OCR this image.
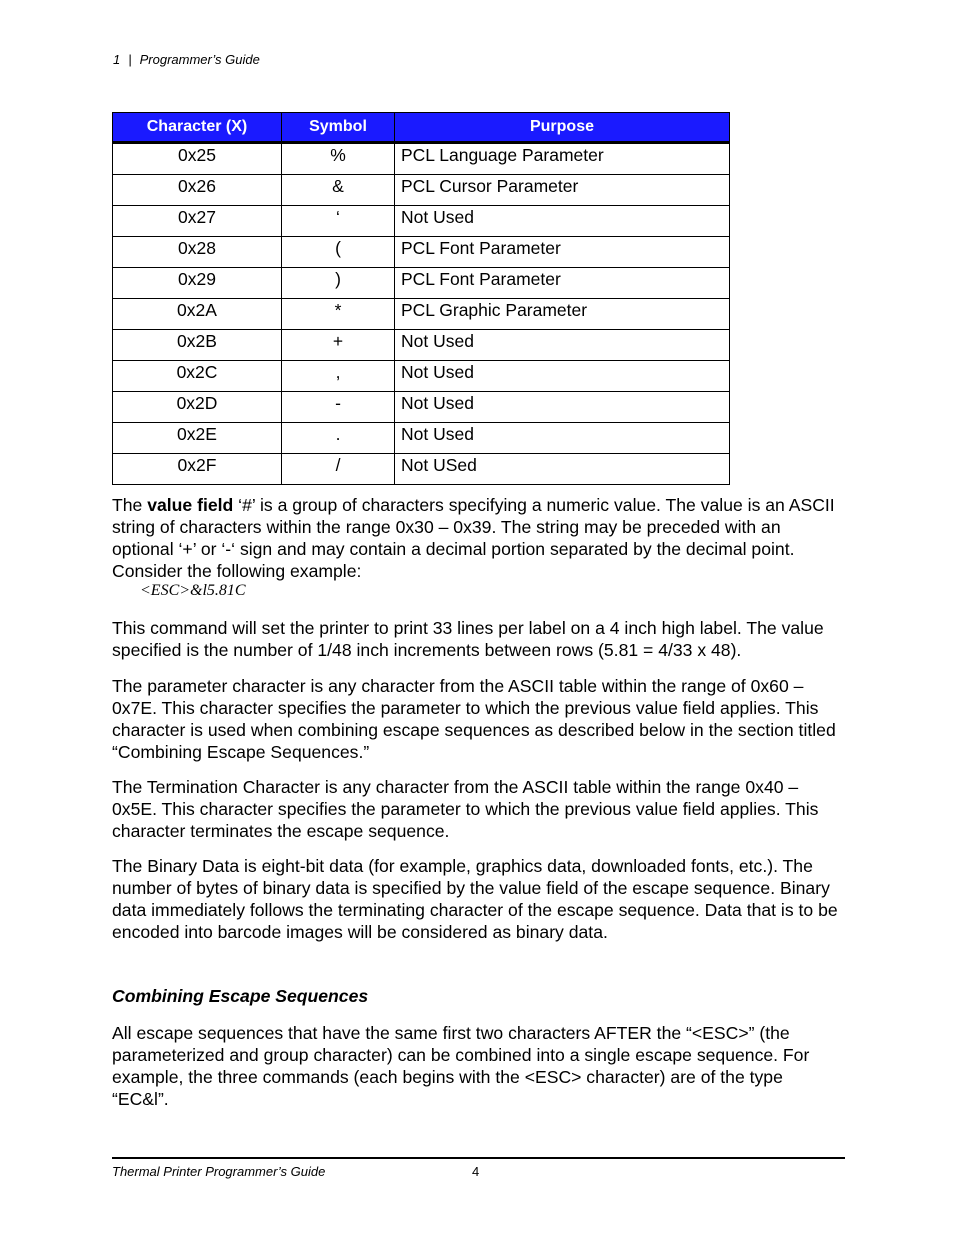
1 | Programmer’s Guide
Character (X)	Symbol	Purpose
0x25	%	PCL Language Parameter
0x26	&	PCL Cursor Parameter
0x27	‘	Not Used
0x28	(	PCL Font Parameter
0x29	)	PCL Font Parameter
0x2A	*	PCL Graphic Parameter
0x2B	+	Not Used
0x2C	,	Not Used
0x2D	-	Not Used
0x2E	.	Not Used
0x2F	/	Not USed
The value field ‘#’ is a group of characters specifying a numeric value. The value is an ASCII string of characters within the range 0x30 – 0x39. The string may be preceded with an optional ‘+’ or ‘-‘ sign and may contain a decimal portion separated by the decimal point. Consider the following example:
<ESC>&l5.81C
This command will set the printer to print 33 lines per label on a 4 inch high label. The value specified is the number of 1/48 inch increments between rows (5.81 = 4/33 x 48).
The parameter character is any character from the ASCII table within the range of 0x60 – 0x7E. This character specifies the parameter to which the previous value field applies. This character is used when combining escape sequences as described below in the section titled “Combining Escape Sequences.”
The Termination Character is any character from the ASCII table within the range 0x40 – 0x5E. This character specifies the parameter to which the previous value field applies. This character terminates the escape sequence.
The Binary Data is eight-bit data (for example, graphics data, downloaded fonts, etc.). The number of bytes of binary data is specified by the value field of the escape sequence. Binary data immediately follows the terminating character of the escape sequence. Data that is to be encoded into barcode images will be considered as binary data.
Combining Escape Sequences
All escape sequences that have the same first two characters AFTER the “<ESC>” (the parameterized and group character) can be combined into a single escape sequence. For example, the three commands (each begins with the <ESC> character) are of the type “EC&l”.
Thermal Printer Programmer’s Guide	4
